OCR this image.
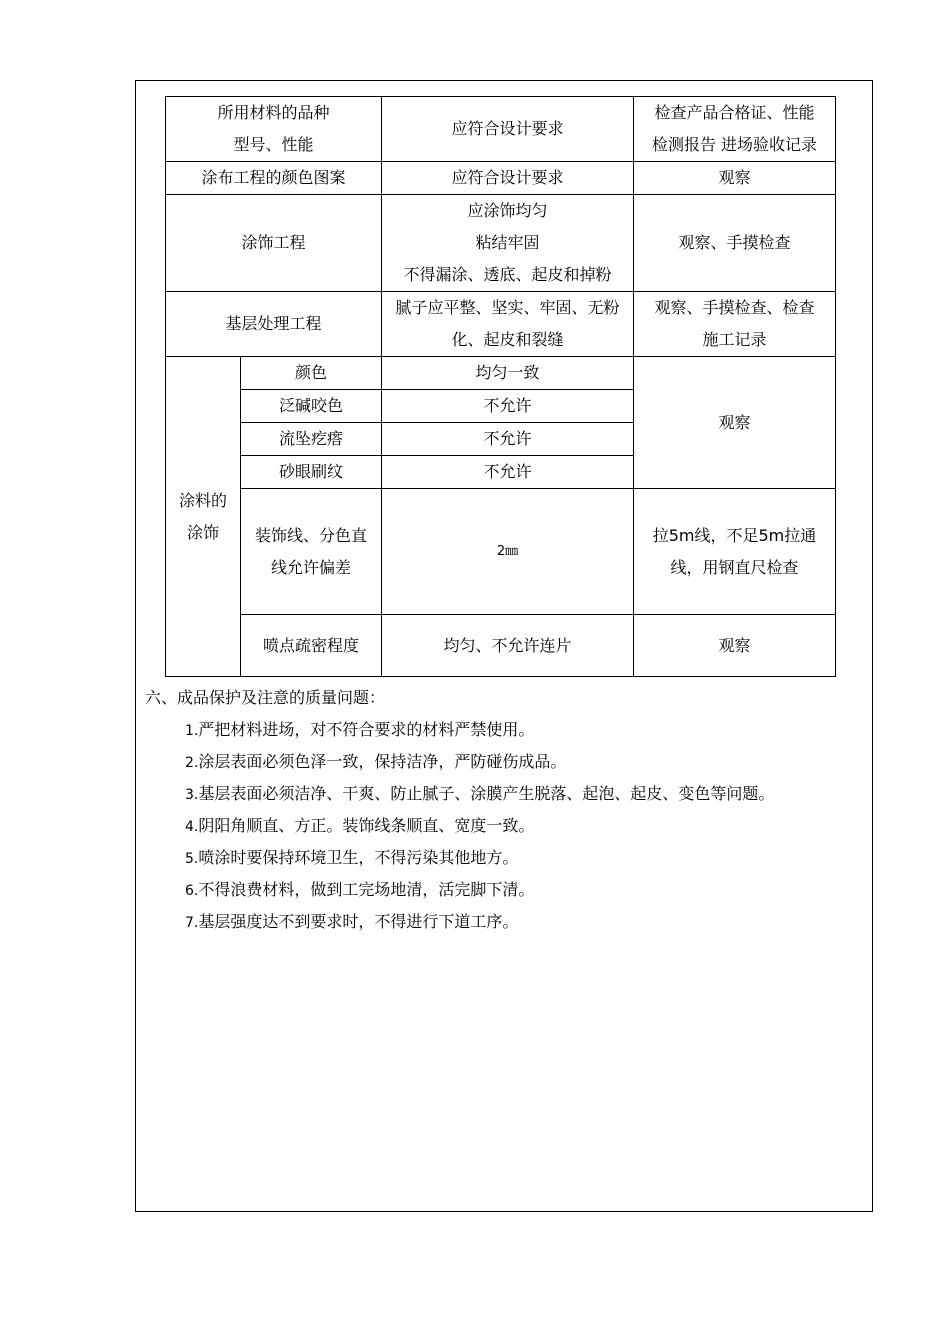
所用材料的品种
型号、性能		应符合设计要求	检查产品合格证、性能
检测报告 进场验收记录

涂布工程的颜色图案		应符合设计要求	观察
涂饰工程		应涂饰均匀
粘结牢固
不得漏涂、透底、起皮和掉粉	观察、手摸检查
基层处理工程		腻子应平整、坚实、牢固、无粉
化、起皮和裂缝	观察、手摸检查、检查
施工记录

涂料的
涂饰	颜色	均匀一致	观察
	泛碱咬色	不允许	
	流坠疙瘩	不允许	
	砂眼刷纹	不允许	

	装饰线、分色直
线允许偏差	2㎜	拉5m线，不足5m拉通
线，用钢直尺检查

	喷点疏密程度	均匀、不允许连片	观察
六、成品保护及注意的质量问题：
1.严把材料进场，对不符合要求的材料严禁使用。
2.涂层表面必须色泽一致，保持洁净，严防碰伤成品。
3.基层表面必须洁净、干爽、防止腻子、涂膜产生脱落、起泡、起皮、变色等问题。
4.阴阳角顺直、方正。装饰线条顺直、宽度一致。
5.喷涂时要保持环境卫生，不得污染其他地方。
6.不得浪费材料，做到工完场地清，活完脚下清。
7.基层强度达不到要求时，不得进行下道工序。
